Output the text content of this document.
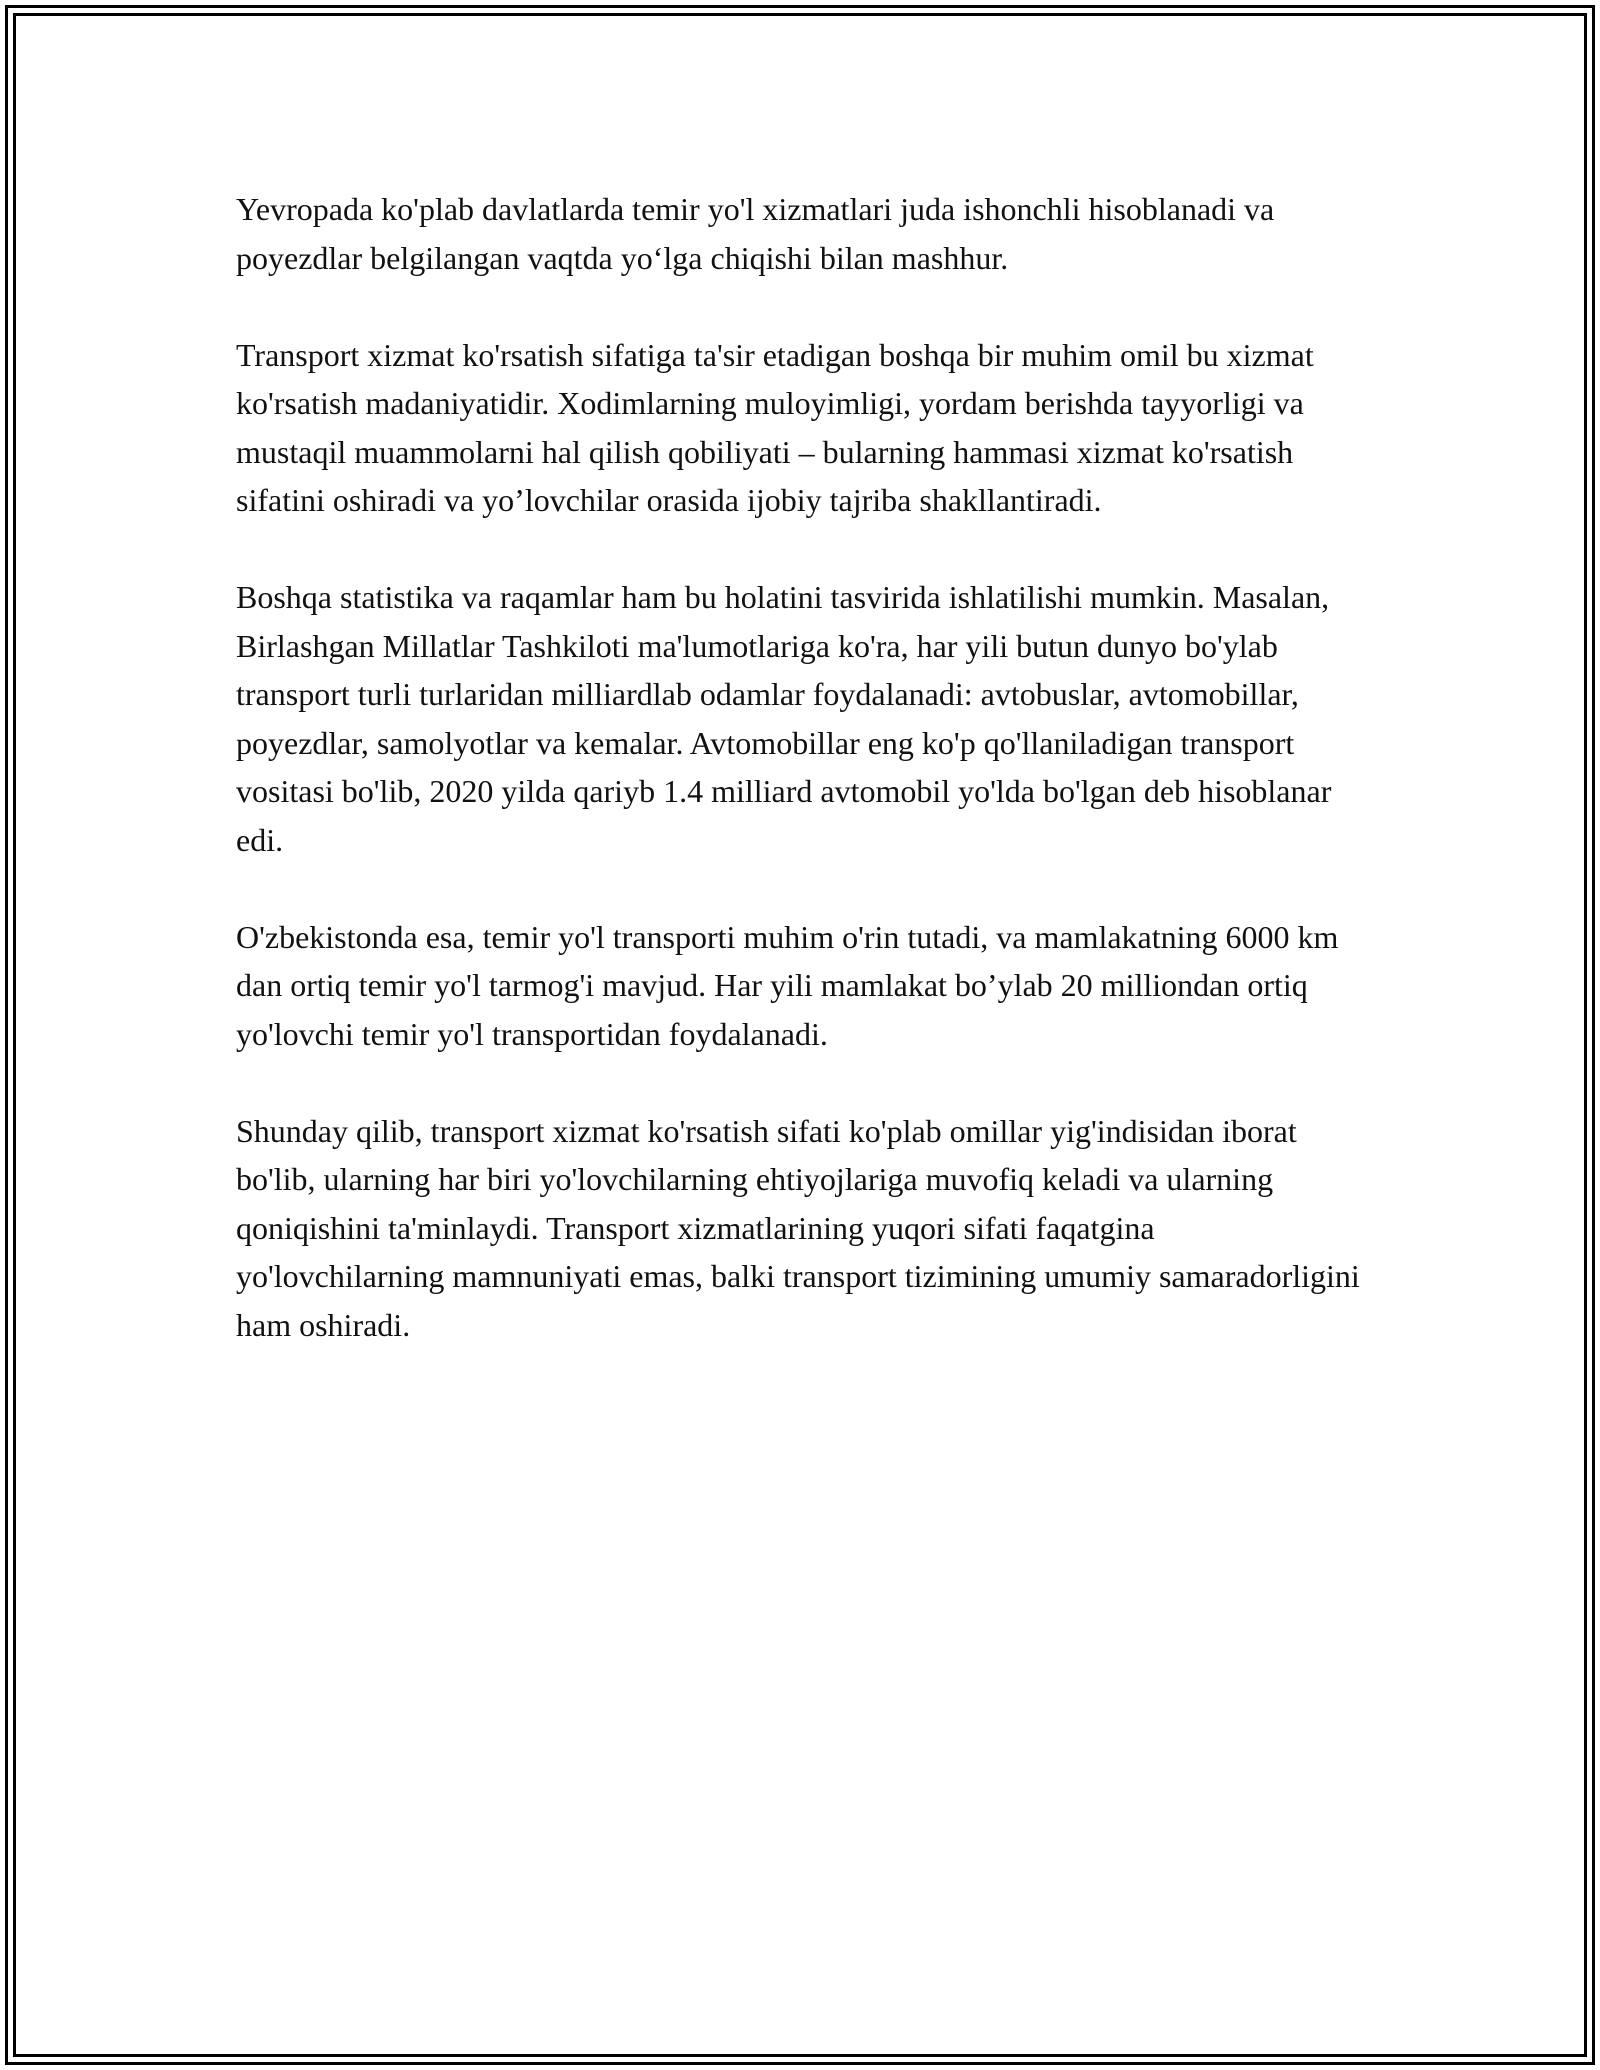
Yevropada ko'plab davlatlarda temir yo'l xizmatlari juda ishonchli hisoblanadi va poyezdlar belgilangan vaqtda yo‘lga chiqishi bilan mashhur.

Transport xizmat ko'rsatish sifatiga ta'sir etadigan boshqa bir muhim omil bu xizmat ko'rsatish madaniyatidir. Xodimlarning muloyimligi, yordam berishda tayyorligi va mustaqil muammolarni hal qilish qobiliyati – bularning hammasi xizmat ko'rsatish sifatini oshiradi va yo’lovchilar orasida ijobiy tajriba shakllantiradi.

Boshqa statistika va raqamlar ham bu holatini tasvirida ishlatilishi mumkin. Masalan, Birlashgan Millatlar Tashkiloti ma'lumotlariga ko'ra, har yili butun dunyo bo'ylab transport turli turlaridan milliardlab odamlar foydalanadi: avtobuslar, avtomobillar, poyezdlar, samolyotlar va kemalar. Avtomobillar eng ko'p qo'llaniladigan transport vositasi bo'lib, 2020 yilda qariyb 1.4 milliard avtomobil yo'lda bo'lgan deb hisoblanar edi.

O'zbekistonda esa, temir yo'l transporti muhim o'rin tutadi, va mamlakatning 6000 km dan ortiq temir yo'l tarmog'i mavjud. Har yili mamlakat bo’ylab 20 milliondan ortiq yo'lovchi temir yo'l transportidan foydalanadi.

Shunday qilib, transport xizmat ko'rsatish sifati ko'plab omillar yig'indisidan iborat bo'lib, ularning har biri yo'lovchilarning ehtiyojlariga muvofiq keladi va ularning qoniqishini ta'minlaydi. Transport xizmatlarining yuqori sifati faqatgina yo'lovchilarning mamnuniyati emas, balki transport tizimining umumiy samaradorligini ham oshiradi.
